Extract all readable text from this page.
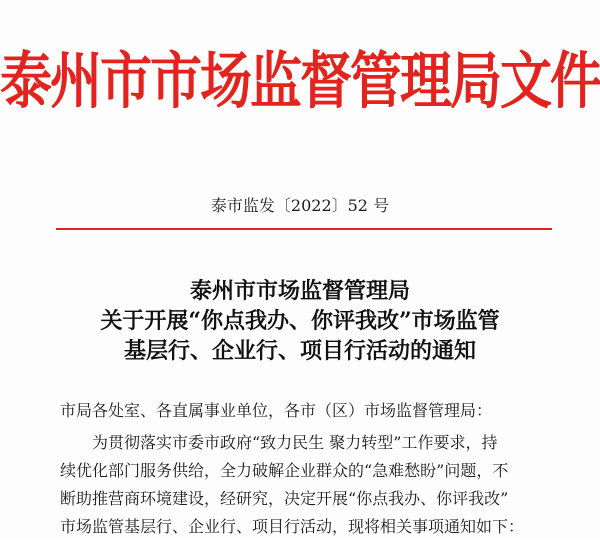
泰州市市场监督管理局文件
泰市监发〔2022〕52 号
泰州市市场监督管理局
关于开展“你点我办、你评我改”市场监管
基层行、企业行、项目行活动的通知
市局各处室、各直属事业单位，各市（区）市场监督管理局：
为贯彻落实市委市政府“致力民生 聚力转型”工作要求，持
续优化部门服务供给，全力破解企业群众的“急难愁盼”问题，不
断助推营商环境建设，经研究，决定开展“你点我办、你评我改”
市场监管基层行、企业行、项目行活动，现将相关事项通知如下：
